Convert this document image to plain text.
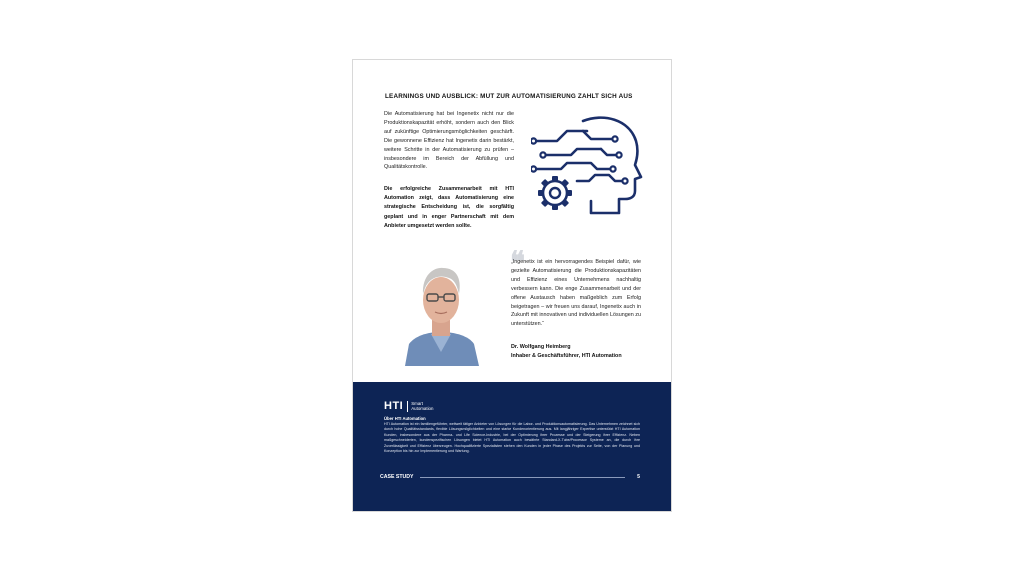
LEARNINGS UND AUSBLICK: MUT ZUR AUTOMATISIERUNG ZAHLT SICH AUS

Die Automatisierung hat bei Ingenetix nicht nur die Produktionskapazität erhöht, sondern auch den Blick auf zukünftige Optimierungsmöglichkeiten geschärft. Die gewonnene Effizienz hat Ingenetix darin bestärkt, weitere Schritte in der Automatisierung zu prüfen – insbesondere im Bereich der Abfüllung und Qualitätskontrolle.

Die erfolgreiche Zusammenarbeit mit HTI Automation zeigt, dass Automatisierung eine strategische Entscheidung ist, die sorgfältig geplant und in enger Partnerschaft mit dem Anbieter umgesetzt werden sollte.

❝

„Ingenetix ist ein hervorragendes Beispiel dafür, wie gezielte Automatisierung die Produktionskapazitäten und Effizienz eines Unternehmens nachhaltig verbessern kann. Die enge Zusammenarbeit und der offene Austausch haben maßgeblich zum Erfolg beigetragen – wir freuen uns darauf, Ingenetix auch in Zukunft mit innovativen und individuellen Lösungen zu unterstützen.“

Dr. Wolfgang Heimberg
Inhaber & Geschäftsführer, HTI Automation
HTI Smart
Automation
Über HTI Automation

HTI Automation ist ein familiengeführter, weltweit tätiger Anbieter von Lösungen für die Labor- und Produktionsautomatisierung. Das Unternehmen zeichnet sich durch hohe Qualitätsstandards, flexible Lösungsmöglichkeiten und eine starke Kundenorientierung aus. Mit langjähriger Expertise unterstützt HTI Automation Kunden, insbesondere aus der Pharma- und Life Science-Industrie, bei der Optimierung ihrer Prozesse und der Steigerung ihrer Effizienz. Neben maßgeschneiderten, kundenspezifischen Lösungen bietet HTI Automation auch bewährte Standard-X-Tube/Processor Systeme an, die durch ihre Zuverlässigkeit und Effizienz überzeugen. Hochqualifizierte Spezialisten stehen den Kunden in jeder Phase des Projekts zur Seite, von der Planung und Konzeption bis hin zur Implementierung und Wartung.

CASE STUDY	5
